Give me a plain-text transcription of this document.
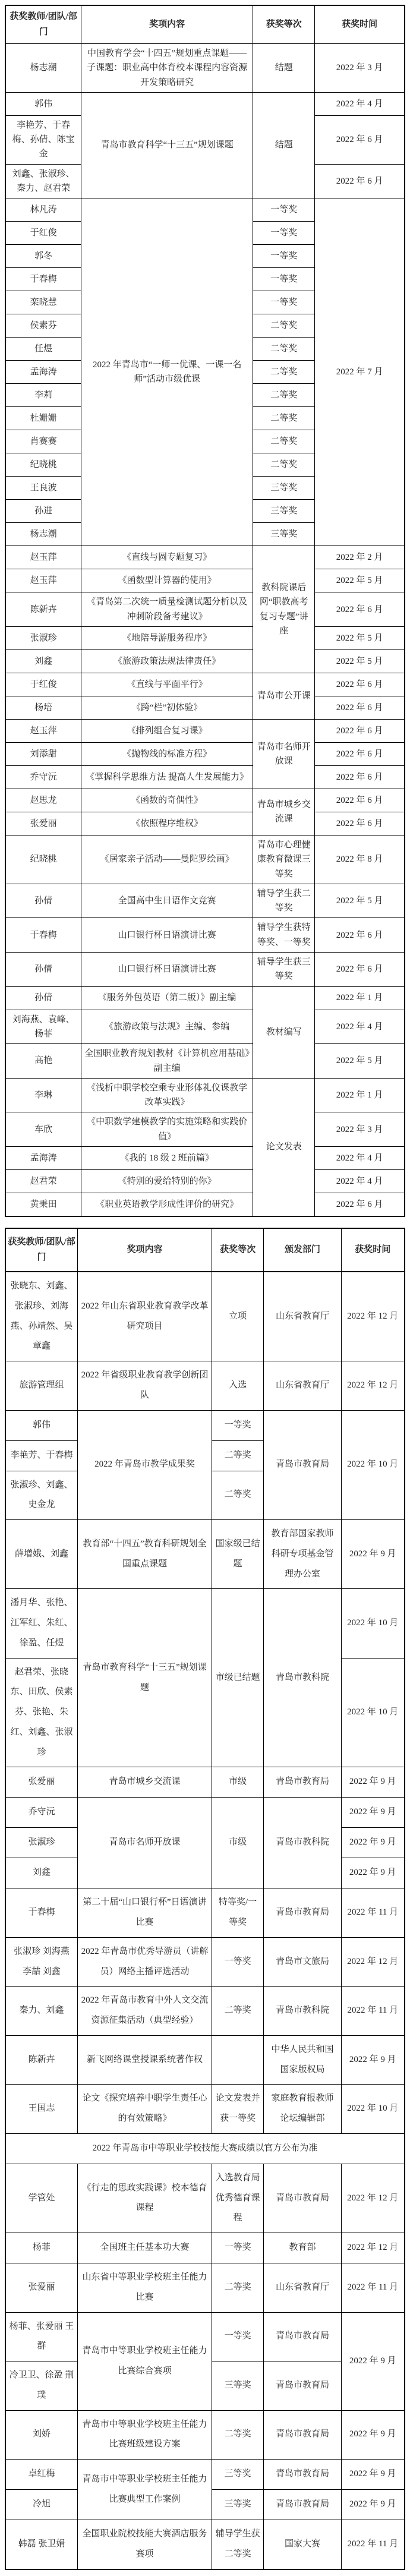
获奖教师/团队/部门	奖项内容	获奖等次	获奖时间
杨志潮	中国教育学会“十四五”规划重点课题——子课题：职业高中体育校本课程内容资源开发策略研究	结题	2022 年 3 月
郭伟	青岛市教育科学“十三五”规划课题	结题	2022 年 4 月
李艳芳、于春梅、孙倩、陈宝金			2022 年 6 月
刘鑫、张淑珍、秦力、赵君荣			2022 年 6 月
林凡涛	2022 年青岛市“一师一优课、一课一名师”活动市级优课	一等奖	2022 年 7 月
于红俊		一等奖	
郭冬		一等奖	
于春梅		一等奖	
栾晓慧		一等奖	
侯素芬		二等奖	
任煜		二等奖	
孟海涛		二等奖	
李莉		二等奖	
杜姗姗		二等奖	
肖赛赛		二等奖	
纪晓桃		二等奖	
王良波		三等奖	
孙进		三等奖	
杨志潮		三等奖	
赵玉萍	《直线与圆专题复习》	教科院课后网“职教高考复习专题”讲座	2022 年 2 月
赵玉萍	《函数型计算器的使用》		2022 年 5 月
陈新卉	《青岛第二次统一质量检测试题分析以及冲刺阶段备考建议》		2022 年 6 月
张淑珍	《地陪导游服务程序》		2022 年 5 月
刘鑫	《旅游政策法规法律责任》		2022 年 5 月
于红俊	《直线与平面平行》	青岛市公开课	2022 年 6 月
杨培	《跨“栏”初体验》		2022 年 6 月
赵玉萍	《排列组合复习课》	青岛市名师开放课	2022 年 6 月
刘添甜	《抛物线的标准方程》		2022 年 6 月
乔守沅	《掌握科学思维方法 提高人生发展能力》		2022 年 6 月
赵思龙	《函数的奇偶性》	青岛市城乡交流课	2022 年 6 月
张爱丽	《依照程序维权》		2022 年 6 月
纪晓桃	《居家亲子活动——曼陀罗绘画》	青岛市心理健康教育微课三等奖	2022 年 8 月
孙倩	全国高中生日语作文竞赛	辅导学生获二等奖	2022 年 5 月
于春梅	山口银行杯日语演讲比赛	辅导学生获特等奖、一等奖	2022 年 6 月
孙倩	山口银行杯日语演讲比赛	辅导学生获三等奖	2022 年 6 月
孙倩	《服务外包英语（第二版）》副主编	教材编写	2022 年 1 月
刘海燕、袁峰、杨菲	《旅游政策与法规》主编、参编		2022 年 4 月
高艳	全国职业教育规划教材《计算机应用基础》副主编		2022 年 5 月
李琳	《浅析中职学校空乘专业形体礼仪课教学改革实践》	论文发表	2022 年 1 月
车欣	《中职数学建模教学的实施策略和实践价值》		2022 年 3 月
孟海涛	《我的 18 级 2 班前篇》		2022 年 4 月
赵君荣	《特别的爱给特别的你》		2022 年 4 月
黄秉田	《职业英语教学形成性评价的研究》		2022 年 6 月
获奖教师/团队/部门	奖项内容	获奖等次	颁发部门	获奖时间
张晓东、刘鑫、张淑珍、刘海燕、孙靖然、吴章鑫	2022 年山东省职业教育教学改革研究项目	立项	山东省教育厅	2022 年 12 月
旅游管理组	2022 年省级职业教育教学创新团队	入选	山东省教育厅	2022 年 12 月
郭伟	2022 年青岛市教学成果奖	一等奖	青岛市教育局	2022 年 10 月
李艳芳、于春梅		二等奖		
张淑珍、刘鑫、史金龙		二等奖		
薛增娥、刘鑫	教育部“十四五”教育科研规划全国重点课题	国家级已结题	教育部国家教师科研专项基金管理办公室	2022 年 9 月
潘月华、张艳、江军红、朱红、徐盈、任煜	青岛市教育科学“十三五”规划课题	市级已结题	青岛市教科院	2022 年 10 月
赵君荣、张晓东、田欣、侯素芬、张艳、朱红、刘鑫、张淑珍				2022 年 10 月
张爱丽	青岛市城乡交流课	市级	青岛市教育局	2022 年 9 月
乔守沅	青岛市名师开放课	市级	青岛市教科院	2022 年 9 月
张淑珍				2022 年 9 月
刘鑫				2022 年 9 月
于春梅	第二十届“山口银行杯”日语演讲比赛	特等奖/一等奖	青岛市教育局	2022 年 11 月
张淑珍 刘海燕 李喆 刘鑫	2022 年青岛市优秀导游员（讲解员）网络主播评选活动	一等奖	青岛市文旅局	2022 年 12 月
秦力、刘鑫	2022 年青岛市教育中外人文交流资源征集活动（典型经验）	二等奖	青岛市教科院	2022 年 11 月
陈新卉	新飞网络课堂授课系统著作权		中华人民共和国国家版权局	2022 年 9 月
王国志	论文《探究培养中职学生责任心的有效策略》	论文发表并获一等奖	家庭教育报教师论坛编辑部	2022 年 10 月
2022 年青岛市中等职业学校技能大赛成绩以官方公布为准				
学管处	《行走的思政实践课》校本德育课程	入选教育局优秀德育课程	青岛市教育局	2022 年 12 月
杨菲	全国班主任基本功大赛	一等奖	教育部	2022 年 12 月
张爱丽	山东省中等职业学校班主任能力比赛	二等奖	山东省教育厅	2022 年 11 月
杨菲、张爱丽 王群	青岛市中等职业学校班主任能力比赛综合赛项	一等奖	青岛市教育局	2022 年 9 月
冷卫卫、徐盈 荆璞		三等奖	青岛市教育局	
刘娇	青岛市中等职业学校班主任能力比赛班级建设方案	二等奖	青岛市教育局	2022 年 9 月
卓红梅	青岛市中等职业学校班主任能力比赛典型工作案例	三等奖	青岛市教育局	2022 年 9 月
冷旭		三等奖	青岛市教育局	2022 年 9 月
韩磊 张卫娟	全国职业院校技能大赛酒店服务赛项	辅导学生获二等奖	国家大赛	2022 年 11 月
